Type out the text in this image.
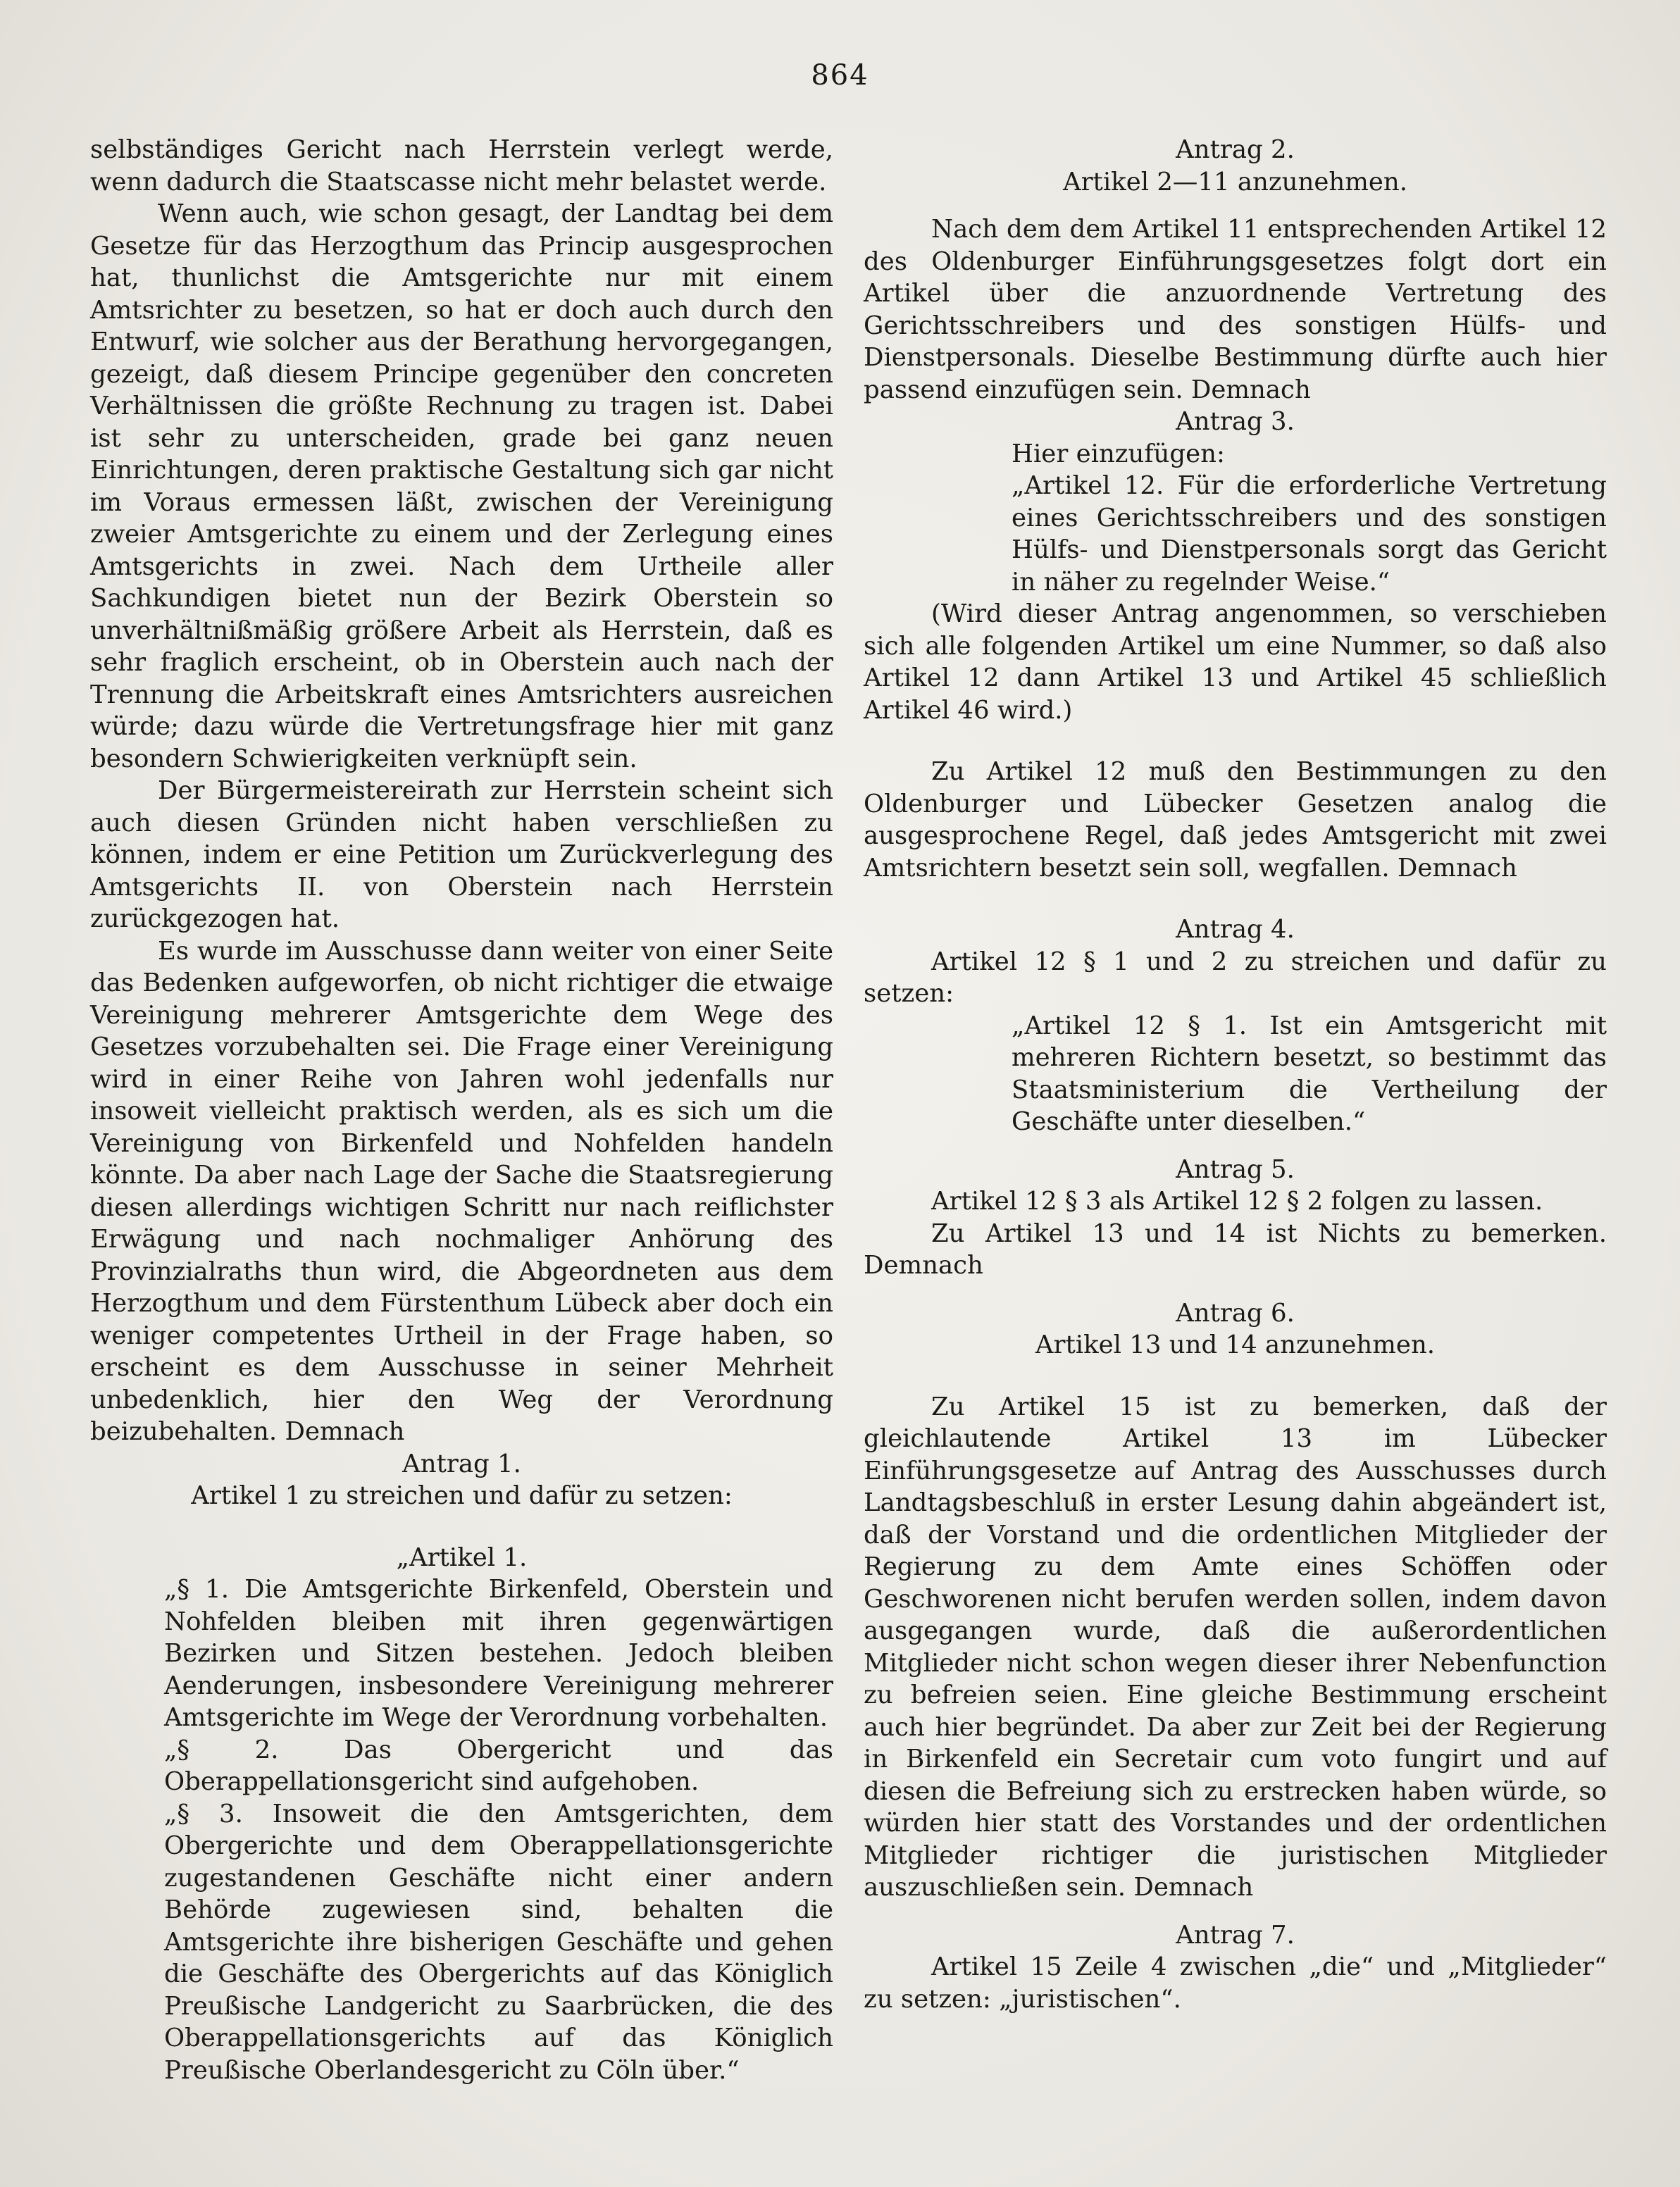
864

selbständiges Gericht nach Herrstein verlegt werde, wenn dadurch die Staatscasse nicht mehr belastet werde.

Wenn auch, wie schon gesagt, der Landtag bei dem Gesetze für das Herzogthum das Princip ausgesprochen hat, thunlichst die Amtsgerichte nur mit einem Amtsrichter zu besetzen, so hat er doch auch durch den Entwurf, wie solcher aus der Berathung hervorgegangen, gezeigt, daß diesem Principe gegenüber den concreten Verhältnissen die größte Rechnung zu tragen ist. Dabei ist sehr zu unterscheiden, grade bei ganz neuen Einrichtungen, deren praktische Gestaltung sich gar nicht im Voraus ermessen läßt, zwischen der Vereinigung zweier Amtsgerichte zu einem und der Zerlegung eines Amtsgerichts in zwei. Nach dem Urtheile aller Sachkundigen bietet nun der Bezirk Oberstein so unverhältnißmäßig größere Arbeit als Herrstein, daß es sehr fraglich erscheint, ob in Oberstein auch nach der Trennung die Arbeitskraft eines Amtsrichters ausreichen würde; dazu würde die Vertretungsfrage hier mit ganz besondern Schwierigkeiten verknüpft sein.

Der Bürgermeistereirath zur Herrstein scheint sich auch diesen Gründen nicht haben verschließen zu können, indem er eine Petition um Zurückverlegung des Amtsgerichts II. von Oberstein nach Herrstein zurückgezogen hat.

Es wurde im Ausschusse dann weiter von einer Seite das Bedenken aufgeworfen, ob nicht richtiger die etwaige Vereinigung mehrerer Amtsgerichte dem Wege des Gesetzes vorzubehalten sei. Die Frage einer Vereinigung wird in einer Reihe von Jahren wohl jedenfalls nur insoweit vielleicht praktisch werden, als es sich um die Vereinigung von Birkenfeld und Nohfelden handeln könnte. Da aber nach Lage der Sache die Staatsregierung diesen allerdings wichtigen Schritt nur nach reiflichster Erwägung und nach nochmaliger Anhörung des Provinzialraths thun wird, die Abgeordneten aus dem Herzogthum und dem Fürstenthum Lübeck aber doch ein weniger competentes Urtheil in der Frage haben, so erscheint es dem Ausschusse in seiner Mehrheit unbedenklich, hier den Weg der Verordnung beizubehalten. Demnach

Antrag 1.

Artikel 1 zu streichen und dafür zu setzen:

„Artikel 1.

„§ 1. Die Amtsgerichte Birkenfeld, Oberstein und Nohfelden bleiben mit ihren gegenwärtigen Bezirken und Sitzen bestehen. Jedoch bleiben Aenderungen, insbesondere Vereinigung mehrerer Amtsgerichte im Wege der Verordnung vorbehalten.

„§ 2. Das Obergericht und das Oberappellationsgericht sind aufgehoben.

„§ 3. Insoweit die den Amtsgerichten, dem Obergerichte und dem Oberappellationsgerichte zugestandenen Geschäfte nicht einer andern Behörde zugewiesen sind, behalten die Amtsgerichte ihre bisherigen Geschäfte und gehen die Geschäfte des Obergerichts auf das Königlich Preußische Landgericht zu Saarbrücken, die des Oberappellationsgerichts auf das Königlich Preußische Oberlandesgericht zu Cöln über.“

Antrag 2.

Artikel 2—11 anzunehmen.

Nach dem dem Artikel 11 entsprechenden Artikel 12 des Oldenburger Einführungsgesetzes folgt dort ein Artikel über die anzuordnende Vertretung des Gerichtsschreibers und des sonstigen Hülfs- und Dienstpersonals. Dieselbe Bestimmung dürfte auch hier passend einzufügen sein. Demnach

Antrag 3.

Hier einzufügen:

„Artikel 12. Für die erforderliche Vertretung eines Gerichtsschreibers und des sonstigen Hülfs- und Dienstpersonals sorgt das Gericht in näher zu regelnder Weise.“

(Wird dieser Antrag angenommen, so verschieben sich alle folgenden Artikel um eine Nummer, so daß also Artikel 12 dann Artikel 13 und Artikel 45 schließlich Artikel 46 wird.)

Zu Artikel 12 muß den Bestimmungen zu den Oldenburger und Lübecker Gesetzen analog die ausgesprochene Regel, daß jedes Amtsgericht mit zwei Amtsrichtern besetzt sein soll, wegfallen. Demnach

Antrag 4.

Artikel 12 § 1 und 2 zu streichen und dafür zu setzen:

„Artikel 12 § 1. Ist ein Amtsgericht mit mehreren Richtern besetzt, so bestimmt das Staatsministerium die Vertheilung der Geschäfte unter dieselben.“

Antrag 5.

Artikel 12 § 3 als Artikel 12 § 2 folgen zu lassen.

Zu Artikel 13 und 14 ist Nichts zu bemerken. Demnach

Antrag 6.

Artikel 13 und 14 anzunehmen.

Zu Artikel 15 ist zu bemerken, daß der gleichlautende Artikel 13 im Lübecker Einführungsgesetze auf Antrag des Ausschusses durch Landtagsbeschluß in erster Lesung dahin abgeändert ist, daß der Vorstand und die ordentlichen Mitglieder der Regierung zu dem Amte eines Schöffen oder Geschworenen nicht berufen werden sollen, indem davon ausgegangen wurde, daß die außerordentlichen Mitglieder nicht schon wegen dieser ihrer Nebenfunction zu befreien seien. Eine gleiche Bestimmung erscheint auch hier begründet. Da aber zur Zeit bei der Regierung in Birkenfeld ein Secretair cum voto fungirt und auf diesen die Befreiung sich zu erstrecken haben würde, so würden hier statt des Vorstandes und der ordentlichen Mitglieder richtiger die juristischen Mitglieder auszuschließen sein. Demnach

Antrag 7.

Artikel 15 Zeile 4 zwischen „die“ und „Mitglieder“ zu setzen: „juristischen“.
